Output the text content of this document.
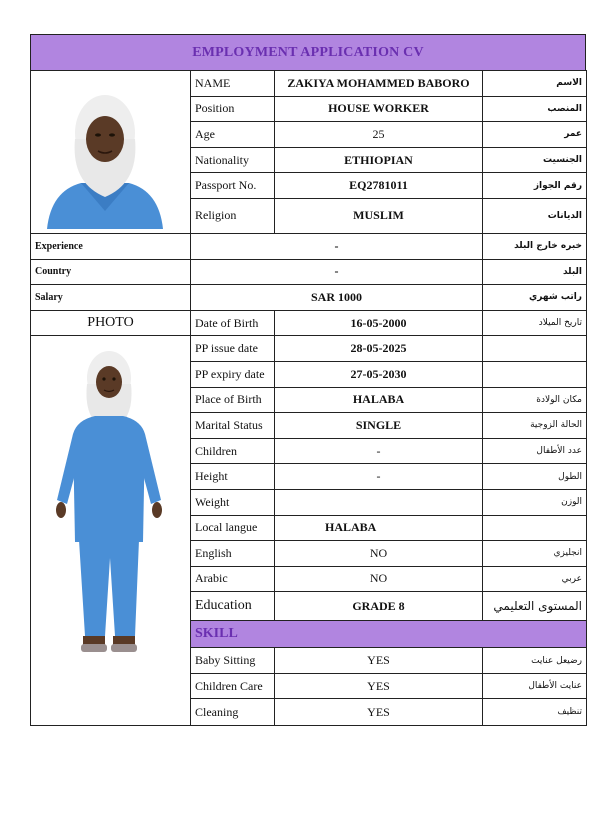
EMPLOYMENT APPLICATION CV
	NAME	ZAKIYA MOHAMMED BABORO	الاسم
	Position	HOUSE WORKER	المنصب
	Age	25	عمر
	Nationality	ETHIOPIAN	الجنسيت
	Passport No.	EQ2781011	رقم الجواز
	Religion	MUSLIM	الديانات
Experience	-		خبره خارج البلد
Country	-		البلد
Salary	SAR 1000		راتب شهري
PHOTO	Date of Birth	16-05-2000	تاريخ الميلاد

	PP issue date	28-05-2025	
	PP expiry date	27-05-2030	
	Place of Birth	HALABA	مكان الولادة
	Marital Status	SINGLE	الحالة الزوجية
	Children	-	عدد الأطفال
	Height	-	الطول
	Weight		الوزن
	Local langue	HALABA	
	English	NO	انجليزي
	Arabic	NO	عربي
	Education	GRADE 8	المستوى التعليمي
	SKILL		
	Baby Sitting	YES	رضيعل عنايت
	Children Care	YES	عنايت الأطفال
	Cleaning	YES	تنظيف
